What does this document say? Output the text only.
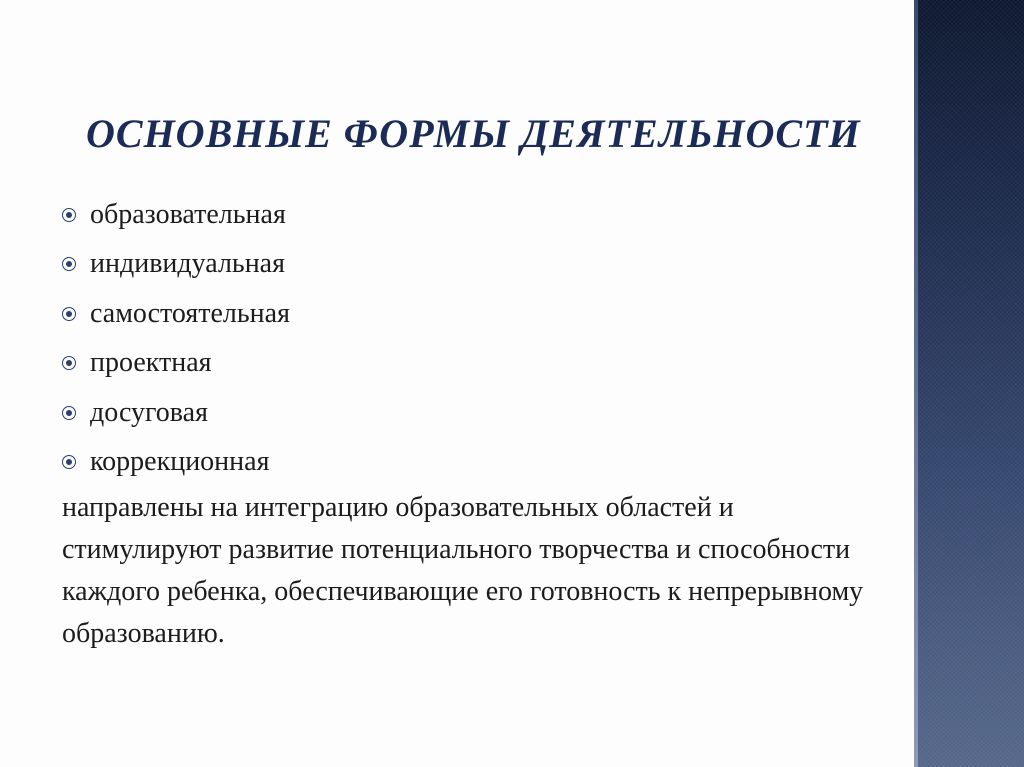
ОСНОВНЫЕ ФОРМЫ ДЕЯТЕЛЬНОСТИ
образовательная
индивидуальная
самостоятельная
проектная
досуговая
коррекционная

направлены на интеграцию образовательных областей и стимулируют развитие потенциального творчества и способности каждого ребенка, обеспечивающие его готовность к непрерывному образованию.
